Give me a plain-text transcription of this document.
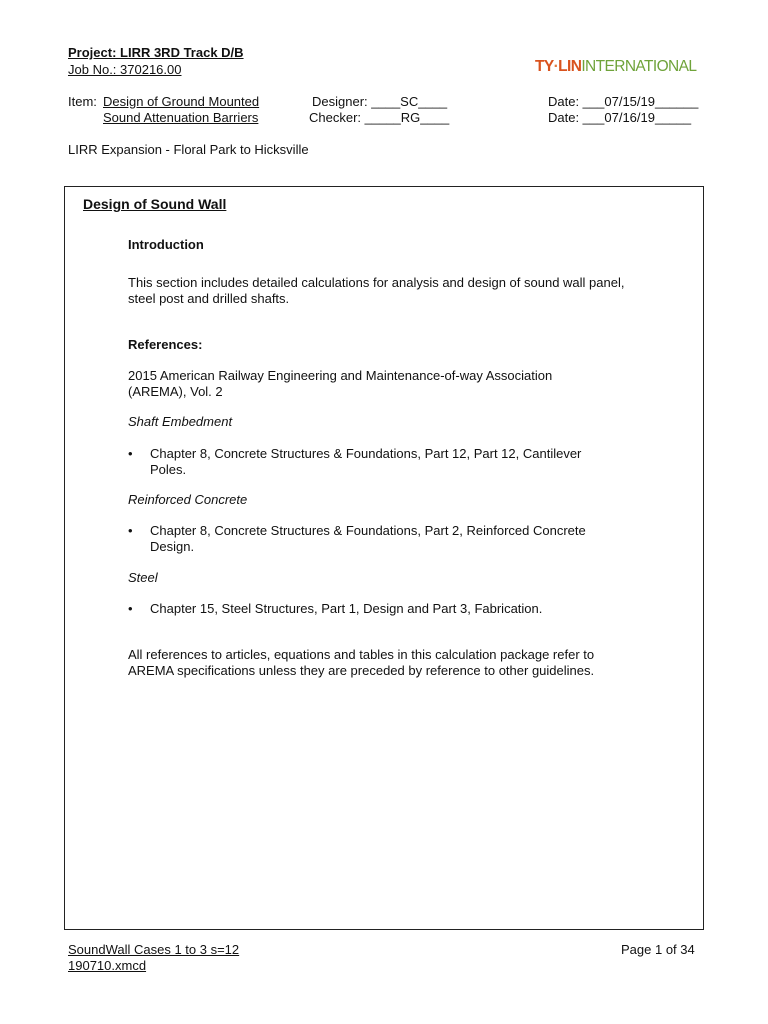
Project: LIRR 3RD Track D/B
Job No.: 370216.00	TY·LININTERNATIONAL
Item: Design of Ground Mounted
Sound Attenuation Barriers
Designer: ____SC____
Checker: _____RG____
Date: ___07/15/19______
Date: ___07/16/19_____
LIRR Expansion - Floral Park to Hicksville
Design of Sound Wall
Introduction
This section includes detailed calculations for analysis and design of sound wall panel, steel post and drilled shafts.
References:
2015 American Railway Engineering and Maintenance-of-way Association (AREMA), Vol. 2
Shaft Embedment
• Chapter 8, Concrete Structures & Foundations, Part 12, Part 12, Cantilever Poles.
Reinforced Concrete
• Chapter 8, Concrete Structures & Foundations, Part 2, Reinforced Concrete Design.
Steel
• Chapter 15, Steel Structures, Part 1, Design and Part 3, Fabrication.
All references to articles, equations and tables in this calculation package refer to AREMA specifications unless they are preceded by reference to other guidelines.
SoundWall Cases 1 to 3 s=12
190710.xmcd
Page 1 of 34
